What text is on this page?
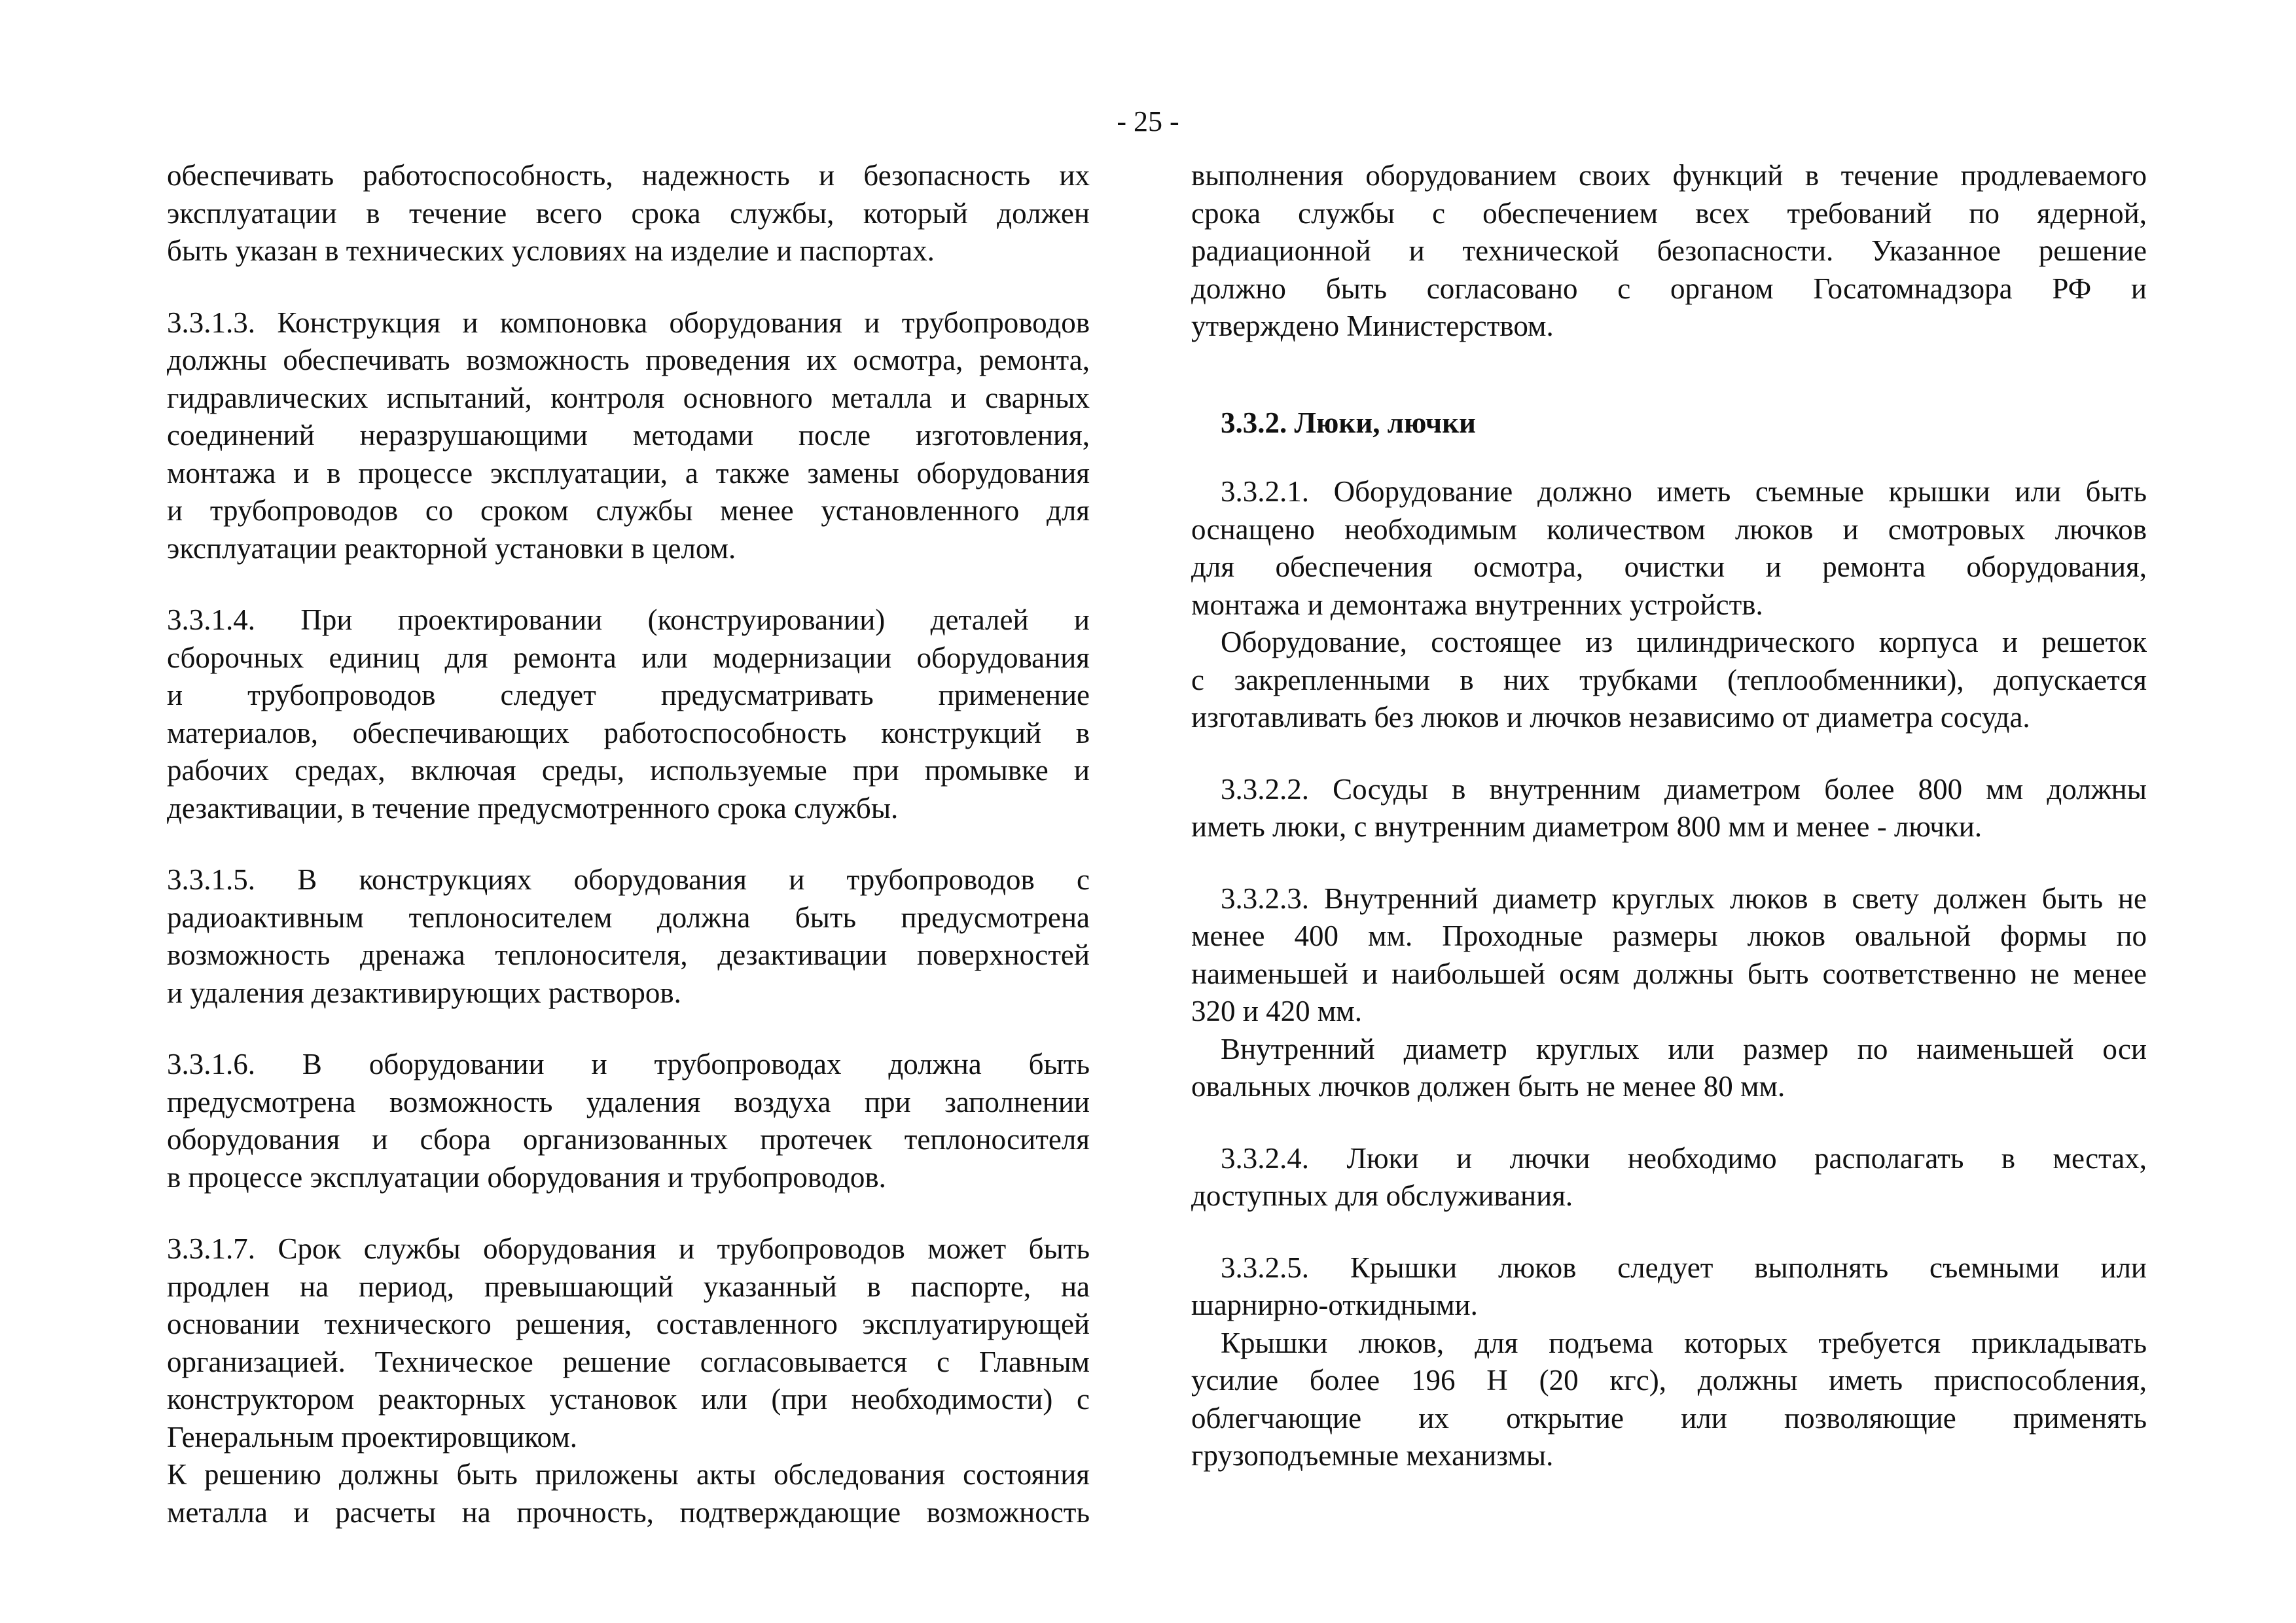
- 25 -
обеспечивать работоспособность, надежность и безопасность их
эксплуатации в течение всего срока службы, который должен
быть указан в технических условиях на изделие и паспортах.
3.3.1.3. Конструкция и компоновка оборудования и трубопроводов
должны обеспечивать возможность проведения их осмотра, ремонта,
гидравлических испытаний, контроля основного металла и сварных
соединений неразрушающими методами после изготовления,
монтажа и в процессе эксплуатации, а также замены оборудования
и трубопроводов со сроком службы менее установленного для
эксплуатации реакторной установки в целом.
3.3.1.4. При проектировании (конструировании) деталей и
сборочных единиц для ремонта или модернизации оборудования
и трубопроводов следует предусматривать применение
материалов, обеспечивающих работоспособность конструкций в
рабочих средах, включая среды, используемые при промывке и
дезактивации, в течение предусмотренного срока службы.
3.3.1.5. В конструкциях оборудования и трубопроводов с
радиоактивным теплоносителем должна быть предусмотрена
возможность дренажа теплоносителя, дезактивации поверхностей
и удаления дезактивирующих растворов.
3.3.1.6. В оборудовании и трубопроводах должна быть
предусмотрена возможность удаления воздуха при заполнении
оборудования и сбора организованных протечек теплоносителя
в процессе эксплуатации оборудования и трубопроводов.
3.3.1.7. Срок службы оборудования и трубопроводов может быть
продлен на период, превышающий указанный в паспорте, на
основании технического решения, составленного эксплуатирующей
организацией. Техническое решение согласовывается с Главным
конструктором реакторных установок или (при необходимости) с
Генеральным проектировщиком.
К решению должны быть приложены акты обследования состояния
металла и расчеты на прочность, подтверждающие возможность
выполнения оборудованием своих функций в течение продлеваемого
срока службы с обеспечением всех требований по ядерной,
радиационной и технической безопасности. Указанное решение
должно быть согласовано с органом Госатомнадзора РФ и
утверждено Министерством.
3.3.2. Люки, лючки
3.3.2.1. Оборудование должно иметь съемные крышки или быть
оснащено необходимым количеством люков и смотровых лючков
для обеспечения осмотра, очистки и ремонта оборудования,
монтажа и демонтажа внутренних устройств.
Оборудование, состоящее из цилиндрического корпуса и решеток
с закрепленными в них трубками (теплообменники), допускается
изготавливать без люков и лючков независимо от диаметра сосуда.
3.3.2.2. Сосуды в внутренним диаметром более 800 мм должны
иметь люки, с внутренним диаметром 800 мм и менее - лючки.
3.3.2.3. Внутренний диаметр круглых люков в свету должен быть не
менее 400 мм. Проходные размеры люков овальной формы по
наименьшей и наибольшей осям должны быть соответственно не менее
320 и 420 мм.
Внутренний диаметр круглых или размер по наименьшей оси
овальных лючков должен быть не менее 80 мм.
3.3.2.4. Люки и лючки необходимо располагать в местах,
доступных для обслуживания.
3.3.2.5. Крышки люков следует выполнять съемными или
шарнирно-откидными.
Крышки люков, для подъема которых требуется прикладывать
усилие более 196 Н (20 кгс), должны иметь приспособления,
облегчающие их открытие или позволяющие применять
грузоподъемные механизмы.
